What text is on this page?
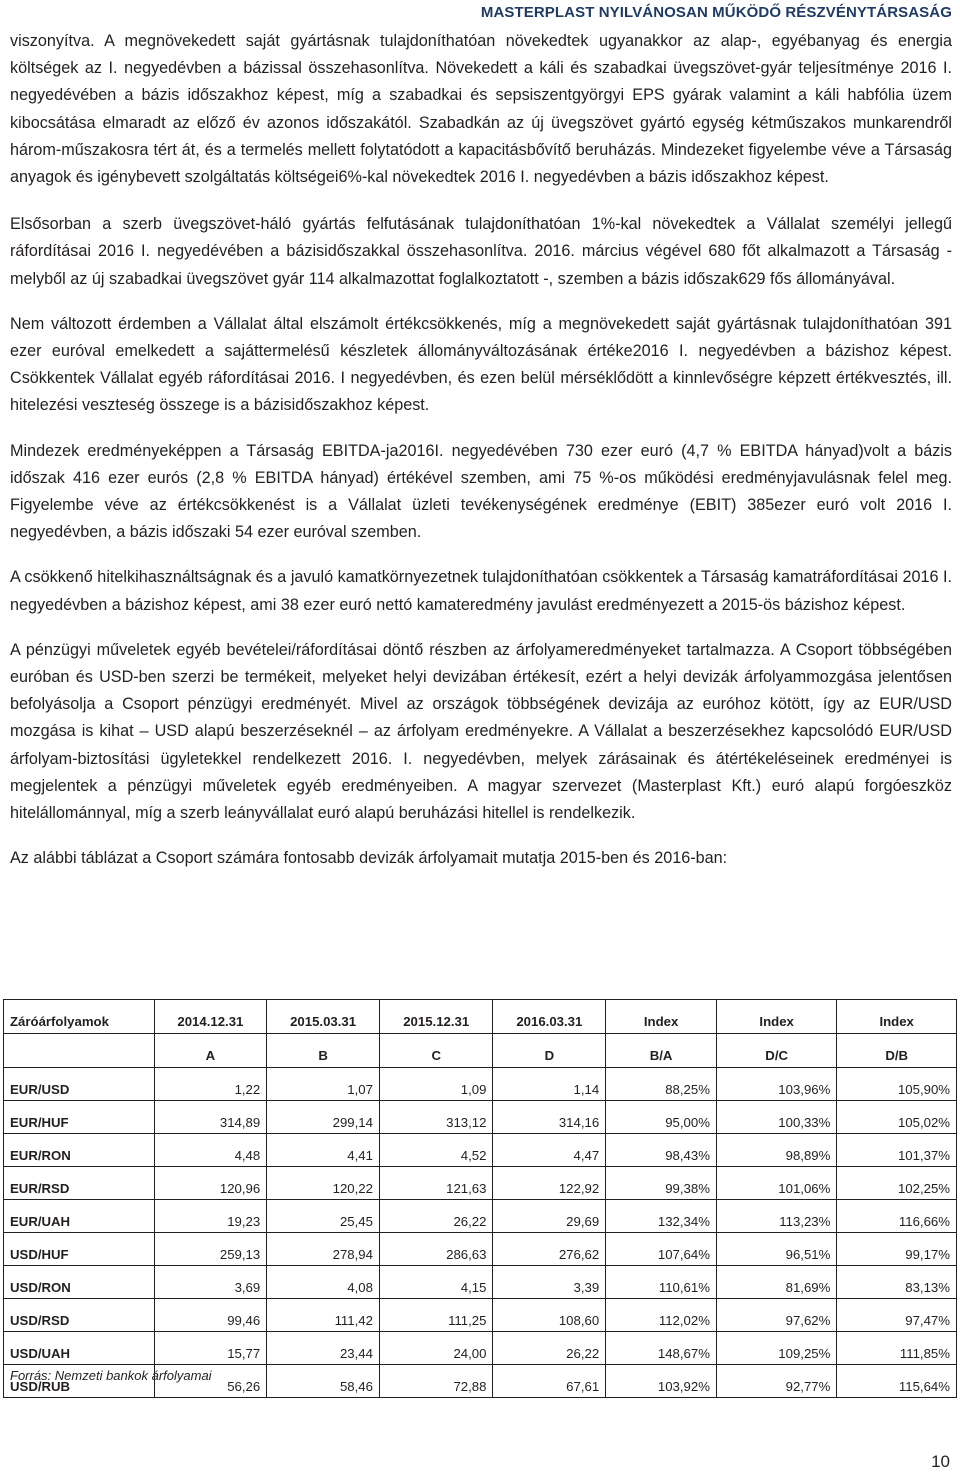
MASTERPLAST NYILVÁNOSAN MŰKÖDŐ RÉSZVÉNYTÁRSASÁG

viszonyítva. A megnövekedett saját gyártásnak tulajdoníthatóan növekedtek ugyanakkor az alap-, egyébanyag és energia költségek az I. negyedévben a bázissal összehasonlítva. Növekedett a káli és szabadkai üvegszövet-gyár teljesítménye 2016 I. negyedévében a bázis időszakhoz képest, míg a szabadkai és sepsiszentgyörgyi EPS gyárak valamint a káli habfólia üzem kibocsátása elmaradt az előző év azonos időszakától. Szabadkán az új üvegszövet gyártó egység kétműszakos munkarendről három-műszakosra tért át, és a termelés mellett folytatódott a kapacitásbővítő beruházás. Mindezeket figyelembe véve a Társaság anyagok és igénybevett szolgáltatás költségei6%-kal növekedtek 2016 I. negyedévben a bázis időszakhoz képest.

Elsősorban a szerb üvegszövet-háló gyártás felfutásának tulajdoníthatóan 1%-kal növekedtek a Vállalat személyi jellegű ráfordításai 2016 I. negyedévében a bázisidőszakkal összehasonlítva. 2016. március végével 680 főt alkalmazott a Társaság - melyből az új szabadkai üvegszövet gyár 114 alkalmazottat foglalkoztatott -, szemben a bázis időszak629 fős állományával.

Nem változott érdemben a Vállalat által elszámolt értékcsökkenés, míg a megnövekedett saját gyártásnak tulajdoníthatóan 391 ezer euróval emelkedett a sajáttermelésű készletek állományváltozásának értéke2016 I. negyedévben a bázishoz képest. Csökkentek Vállalat egyéb ráfordításai 2016. I negyedévben, és ezen belül mérséklődött a kinnlevőségre képzett értékvesztés, ill. hitelezési veszteség összege is a bázisidőszakhoz képest.

Mindezek eredményeképpen a Társaság EBITDA-ja2016I. negyedévében 730 ezer euró (4,7 % EBITDA hányad)volt a bázis időszak 416 ezer eurós (2,8 % EBITDA hányad) értékével szemben, ami 75 %-os működési eredményjavulásnak felel meg. Figyelembe véve az értékcsökkenést is a Vállalat üzleti tevékenységének eredménye (EBIT) 385ezer euró volt 2016 I. negyedévben, a bázis időszaki 54 ezer euróval szemben.

A csökkenő hitelkihasználtságnak és a javuló kamatkörnyezetnek tulajdoníthatóan csökkentek a Társaság kamatráfordításai 2016 I. negyedévben a bázishoz képest, ami 38 ezer euró nettó kamateredmény javulást eredményezett a 2015-ös bázishoz képest.

A pénzügyi műveletek egyéb bevételei/ráfordításai döntő részben az árfolyameredményeket tartalmazza. A Csoport többségében euróban és USD-ben szerzi be termékeit, melyeket helyi devizában értékesít, ezért a helyi devizák árfolyammozgása jelentősen befolyásolja a Csoport pénzügyi eredményét. Mivel az országok többségének devizája az euróhoz kötött, így az EUR/USD mozgása is kihat – USD alapú beszerzéseknél – az árfolyam eredményekre. A Vállalat a beszerzésekhez kapcsolódó EUR/USD árfolyam-biztosítási ügyletekkel rendelkezett 2016. I. negyedévben, melyek zárásainak és átértékeléseinek eredményei is megjelentek a pénzügyi műveletek egyéb eredményeiben. A magyar szervezet (Masterplast Kft.) euró alapú forgóeszköz hitelállománnyal, míg a szerb leányvállalat euró alapú beruházási hitellel is rendelkezik.

Az alábbi táblázat a Csoport számára fontosabb devizák árfolyamait mutatja 2015-ben és 2016-ban:

Záróárfolyamok	2014.12.31	2015.03.31	2015.12.31	2016.03.31	Index	Index	Index
	A	B	C	D	B/A	D/C	D/B
EUR/USD	1,22	1,07	1,09	1,14	88,25%	103,96%	105,90%
EUR/HUF	314,89	299,14	313,12	314,16	95,00%	100,33%	105,02%
EUR/RON	4,48	4,41	4,52	4,47	98,43%	98,89%	101,37%
EUR/RSD	120,96	120,22	121,63	122,92	99,38%	101,06%	102,25%
EUR/UAH	19,23	25,45	26,22	29,69	132,34%	113,23%	116,66%
USD/HUF	259,13	278,94	286,63	276,62	107,64%	96,51%	99,17%
USD/RON	3,69	4,08	4,15	3,39	110,61%	81,69%	83,13%
USD/RSD	99,46	111,42	111,25	108,60	112,02%	97,62%	97,47%
USD/UAH	15,77	23,44	24,00	26,22	148,67%	109,25%	111,85%
USD/RUB	56,26	58,46	72,88	67,61	103,92%	92,77%	115,64%
Forrás: Nemzeti bankok árfolyamai
10
